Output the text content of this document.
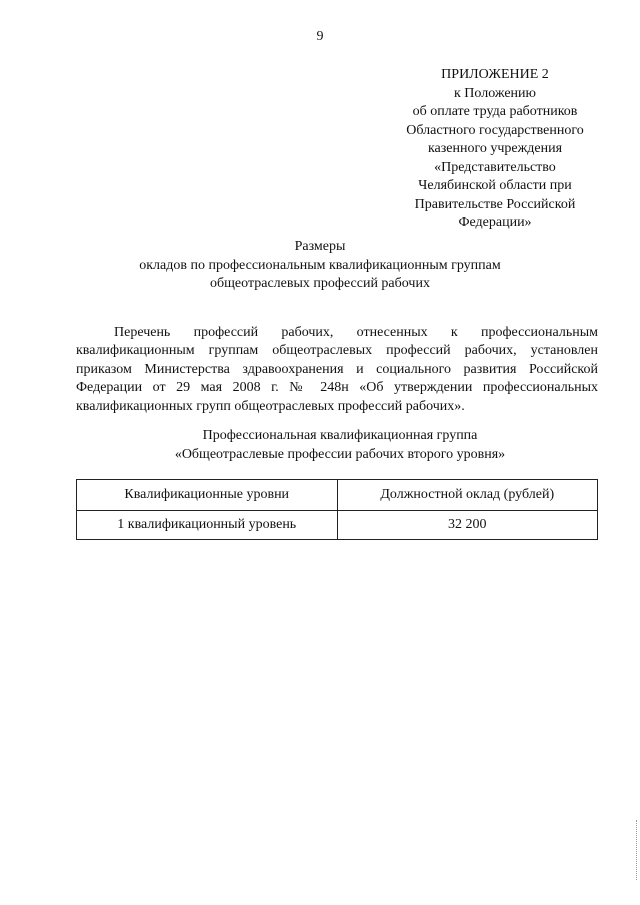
9
ПРИЛОЖЕНИЕ 2
к Положению
об оплате труда работников
Областного государственного
казенного учреждения
«Представительство
Челябинской области при
Правительстве Российской
Федерации»
Размеры
окладов по профессиональным квалификационным группам
общеотраслевых профессий рабочих
Перечень профессий рабочих, отнесенных к профессиональным
квалификационным группам общеотраслевых профессий рабочих, установлен
приказом Министерства здравоохранения и социального развития Российской
Федерации от 29 мая 2008 г. № 248н «Об утверждении профессиональных
квалификационных групп общеотраслевых профессий рабочих».
Профессиональная квалификационная группа
«Общеотраслевые профессии рабочих второго уровня»
Квалификационные уровни	Должностной оклад (рублей)
1 квалификационный уровень	32 200
